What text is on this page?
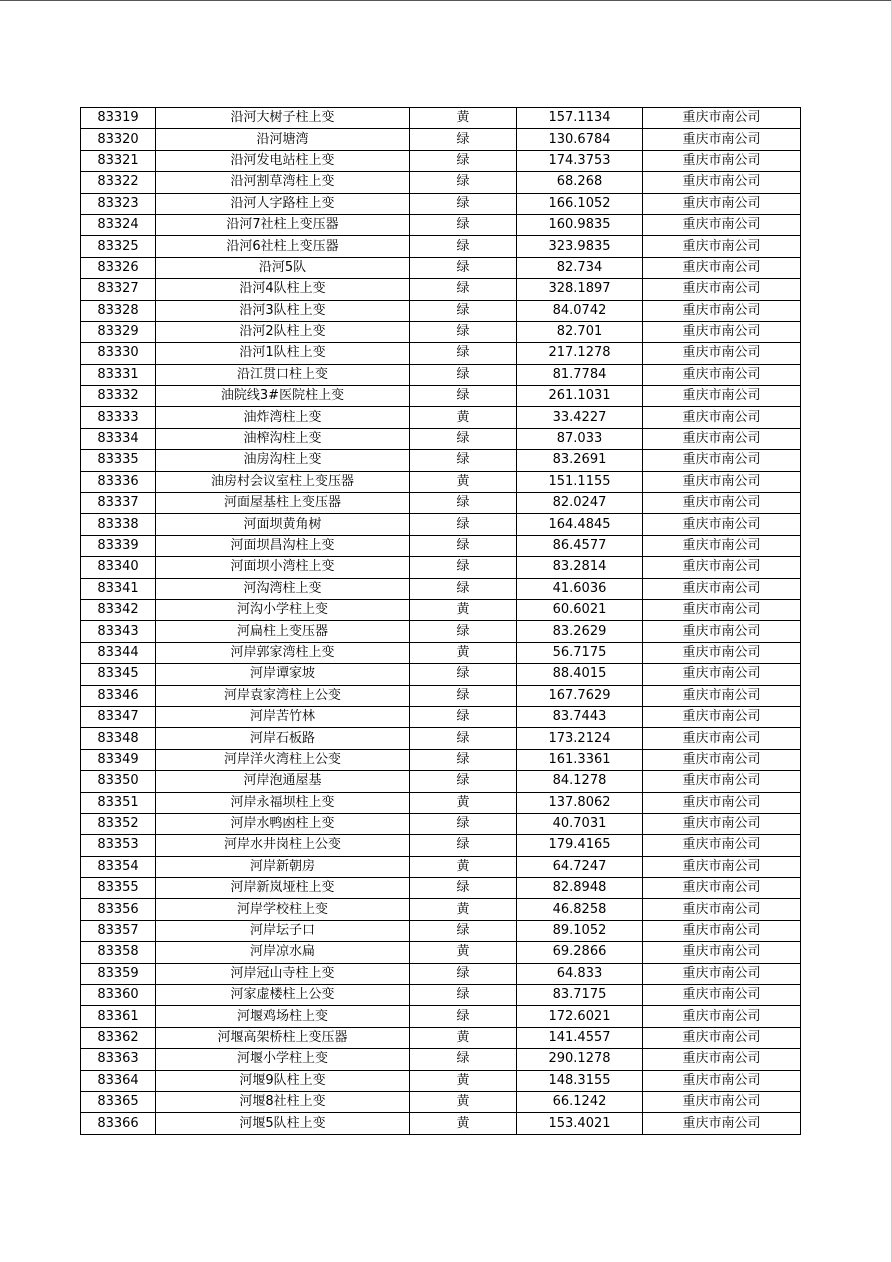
83319	沿河大树子柱上变	黄	157.1134	重庆市南公司
83320	沿河塘湾	绿	130.6784	重庆市南公司
83321	沿河发电站柱上变	绿	174.3753	重庆市南公司
83322	沿河割草湾柱上变	绿	68.268	重庆市南公司
83323	沿河人字路柱上变	绿	166.1052	重庆市南公司
83324	沿河7社柱上变压器	绿	160.9835	重庆市南公司
83325	沿河6社柱上变压器	绿	323.9835	重庆市南公司
83326	沿河5队	绿	82.734	重庆市南公司
83327	沿河4队柱上变	绿	328.1897	重庆市南公司
83328	沿河3队柱上变	绿	84.0742	重庆市南公司
83329	沿河2队柱上变	绿	82.701	重庆市南公司
83330	沿河1队柱上变	绿	217.1278	重庆市南公司
83331	沿江贯口柱上变	绿	81.7784	重庆市南公司
83332	油院线3#医院柱上变	绿	261.1031	重庆市南公司
83333	油炸湾柱上变	黄	33.4227	重庆市南公司
83334	油榨沟柱上变	绿	87.033	重庆市南公司
83335	油房沟柱上变	绿	83.2691	重庆市南公司
83336	油房村会议室柱上变压器	黄	151.1155	重庆市南公司
83337	河面屋基柱上变压器	绿	82.0247	重庆市南公司
83338	河面坝黄角树	绿	164.4845	重庆市南公司
83339	河面坝昌沟柱上变	绿	86.4577	重庆市南公司
83340	河面坝小湾柱上变	绿	83.2814	重庆市南公司
83341	河沟湾柱上变	绿	41.6036	重庆市南公司
83342	河沟小学柱上变	黄	60.6021	重庆市南公司
83343	河扁柱上变压器	绿	83.2629	重庆市南公司
83344	河岸郭家湾柱上变	黄	56.7175	重庆市南公司
83345	河岸谭家坡	绿	88.4015	重庆市南公司
83346	河岸袁家湾柱上公变	绿	167.7629	重庆市南公司
83347	河岸苦竹林	绿	83.7443	重庆市南公司
83348	河岸石板路	绿	173.2124	重庆市南公司
83349	河岸洋火湾柱上公变	绿	161.3361	重庆市南公司
83350	河岸泡通屋基	绿	84.1278	重庆市南公司
83351	河岸永福坝柱上变	黄	137.8062	重庆市南公司
83352	河岸水鸭凼柱上变	绿	40.7031	重庆市南公司
83353	河岸水井岗柱上公变	绿	179.4165	重庆市南公司
83354	河岸新朝房	黄	64.7247	重庆市南公司
83355	河岸新岚垭柱上变	绿	82.8948	重庆市南公司
83356	河岸学校柱上变	黄	46.8258	重庆市南公司
83357	河岸坛子口	绿	89.1052	重庆市南公司
83358	河岸凉水扁	黄	69.2866	重庆市南公司
83359	河岸冠山寺柱上变	绿	64.833	重庆市南公司
83360	河家虚楼柱上公变	绿	83.7175	重庆市南公司
83361	河堰鸡场柱上变	绿	172.6021	重庆市南公司
83362	河堰高架桥柱上变压器	黄	141.4557	重庆市南公司
83363	河堰小学柱上变	绿	290.1278	重庆市南公司
83364	河堰9队柱上变	黄	148.3155	重庆市南公司
83365	河堰8社柱上变	黄	66.1242	重庆市南公司
83366	河堰5队柱上变	黄	153.4021	重庆市南公司
